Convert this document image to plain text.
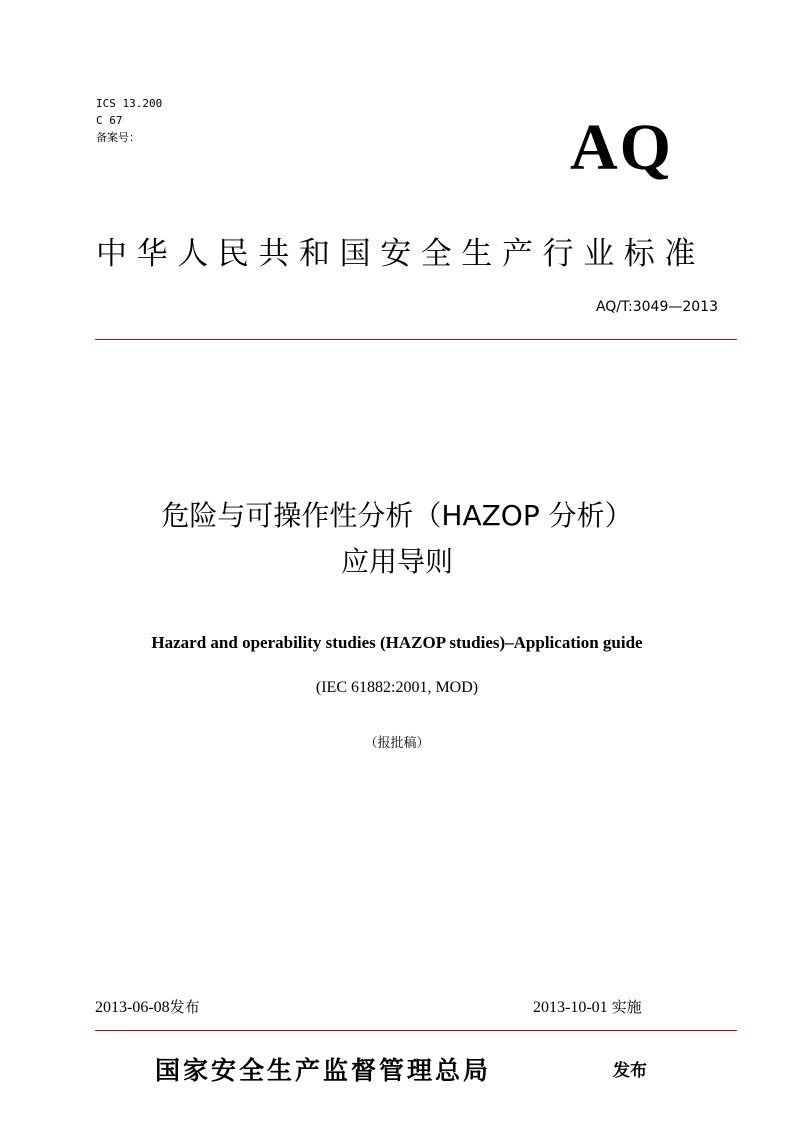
ICS 13.200
C 67
备案号：	AQ
中华人民共和国安全生产行业标准
AQ/T:3049—2013
危险与可操作性分析（HAZOP 分析）
应用导则
Hazard and operability studies (HAZOP studies)–Application guide
(IEC 61882:2001, MOD)
（报批稿）
2013-06-08发布	2013-10-01 实施
国家安全生产监督管理总局	发布
